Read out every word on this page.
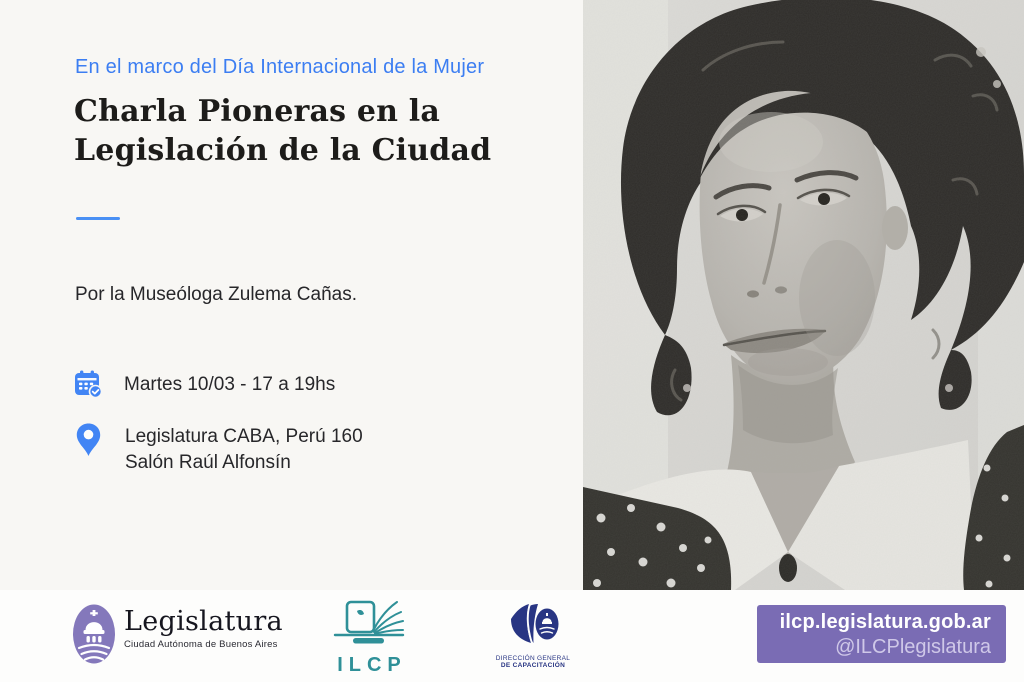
En el marco del Día Internacional de la Mujer
Charla Pioneras en la
Legislación de la Ciudad
Por la Museóloga Zulema Cañas.
Martes 10/03 - 17 a 19hs
Legislatura CABA, Perú 160
Salón Raúl Alfonsín
Legislatura
Ciudad Autónoma de Buenos Aires
ILCP	DIRECCIÓN GENERAL
DE CAPACITACIÓN
ilcp.legislatura.gob.ar
@ILCPlegislatura
